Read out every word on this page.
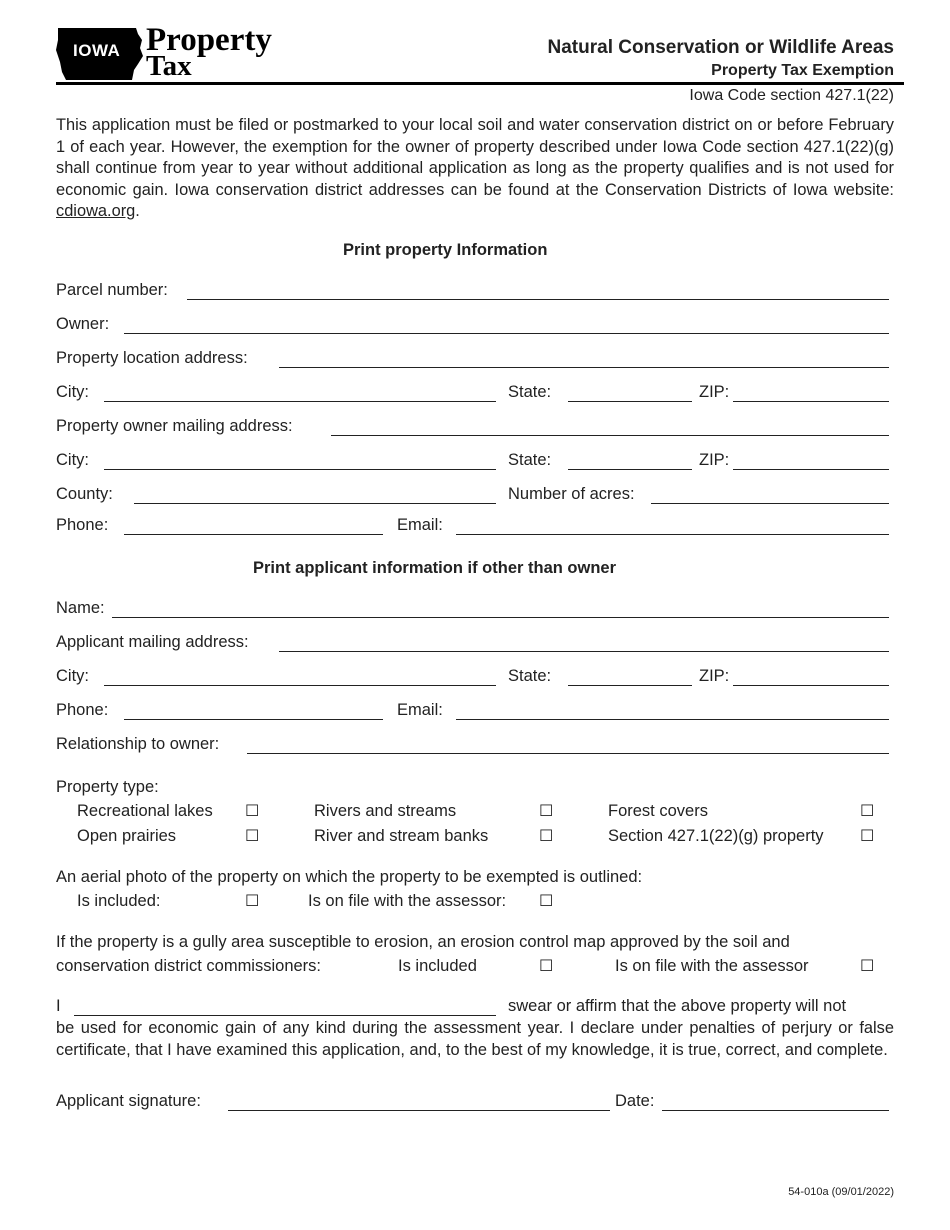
IOWA Property
Tax
Natural Conservation or Wildlife Areas
Property Tax Exemption
Iowa Code section 427.1(22)
This application must be filed or postmarked to your local soil and water conservation district on or before February 1 of each year. However, the exemption for the owner of property described under Iowa Code section 427.1(22)(g) shall continue from year to year without additional application as long as the property qualifies and is not used for economic gain. Iowa conservation district addresses can be found at the Conservation Districts of Iowa website: cdiowa.org.
Print property Information
Parcel number:
Owner:
Property location address:
City:	State:	ZIP:
Property owner mailing address:
City:	State:	ZIP:
County:	Number of acres:
Phone:	Email:
Print applicant information if other than owner
Name:
Applicant mailing address:
City:	State:	ZIP:
Phone:	Email:
Relationship to owner:
Property type:
Recreational lakes ☐	Rivers and streams	☐	Forest covers	☐
Open prairies	☐	River and stream banks	☐	Section 427.1(22)(g) property ☐
An aerial photo of the property on which the property to be exempted is outlined:
Is included:	☐	Is on file with the assessor: ☐
If the property is a gully area susceptible to erosion, an erosion control map approved by the soil and
conservation district commissioners:	Is included	☐	Is on file with the assessor	☐
I	swear or affirm that the above property will not
be used for economic gain of any kind during the assessment year. I declare under penalties of perjury or false certificate, that I have examined this application, and, to the best of my knowledge, it is true, correct, and complete.
Applicant signature:	Date:
54-010a (09/01/2022)
